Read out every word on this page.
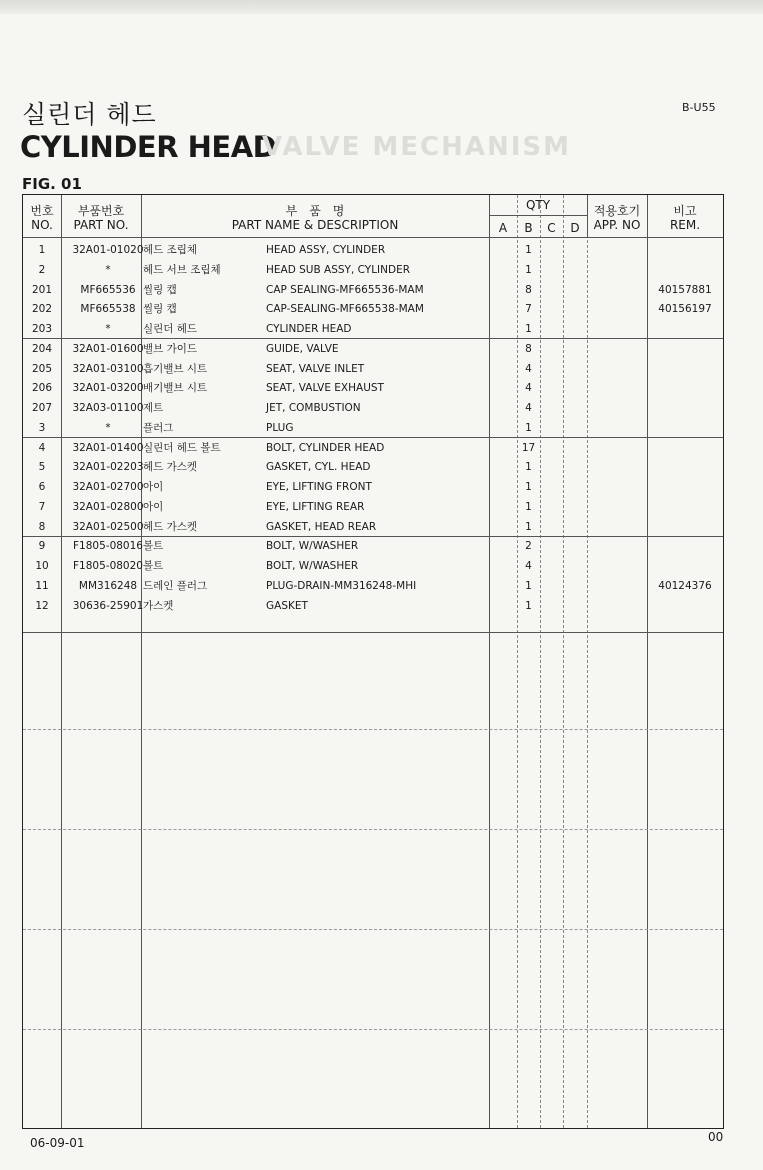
실린더 헤드
CYLINDER HEAD
VALVE MECHANISM
B-U55
FIG. 01
번호
NO.
부품번호
PART NO.
부　품　명
PART NAME & DESCRIPTION
QTY
A	B	C	D
적용호기
APP. NO
비고
REM.
1	32A01-01020 헤드 조립체	HEAD ASSY, CYLINDER	1
2	*	헤드 서브 조립체	HEAD SUB ASSY, CYLINDER	1
201	MF665536 씰링 캡	CAP SEALING-MF665536-MAM	8	40157881
202	MF665538 씰링 캡	CAP-SEALING-MF665538-MAM	7	40156197
203	*	실린더 헤드	CYLINDER HEAD	1
204	32A01-01600 밸브 가이드	GUIDE, VALVE	8
205	32A01-03100 흡기밸브 시트	SEAT, VALVE INLET	4
206	32A01-03200 배기밸브 시트	SEAT, VALVE EXHAUST	4
207	32A03-01100 제트	JET, COMBUSTION	4
3	*	플러그	PLUG	1
4	32A01-01400 실린더 헤드 볼트	BOLT, CYLINDER HEAD	17
5	32A01-02203 헤드 가스켓	GASKET, CYL. HEAD	1
6	32A01-02700 아이	EYE, LIFTING FRONT	1
7	32A01-02800 아이	EYE, LIFTING REAR	1
8	32A01-02500 헤드 가스켓	GASKET, HEAD REAR	1
9	F1805-08016 볼트	BOLT, W/WASHER	2
10	F1805-08020 볼트	BOLT, W/WASHER	4
11	MM316248 드레인 플러그	PLUG-DRAIN-MM316248-MHI	1	40124376
12	30636-25901 가스켓	GASKET	1
06-09-01	00
